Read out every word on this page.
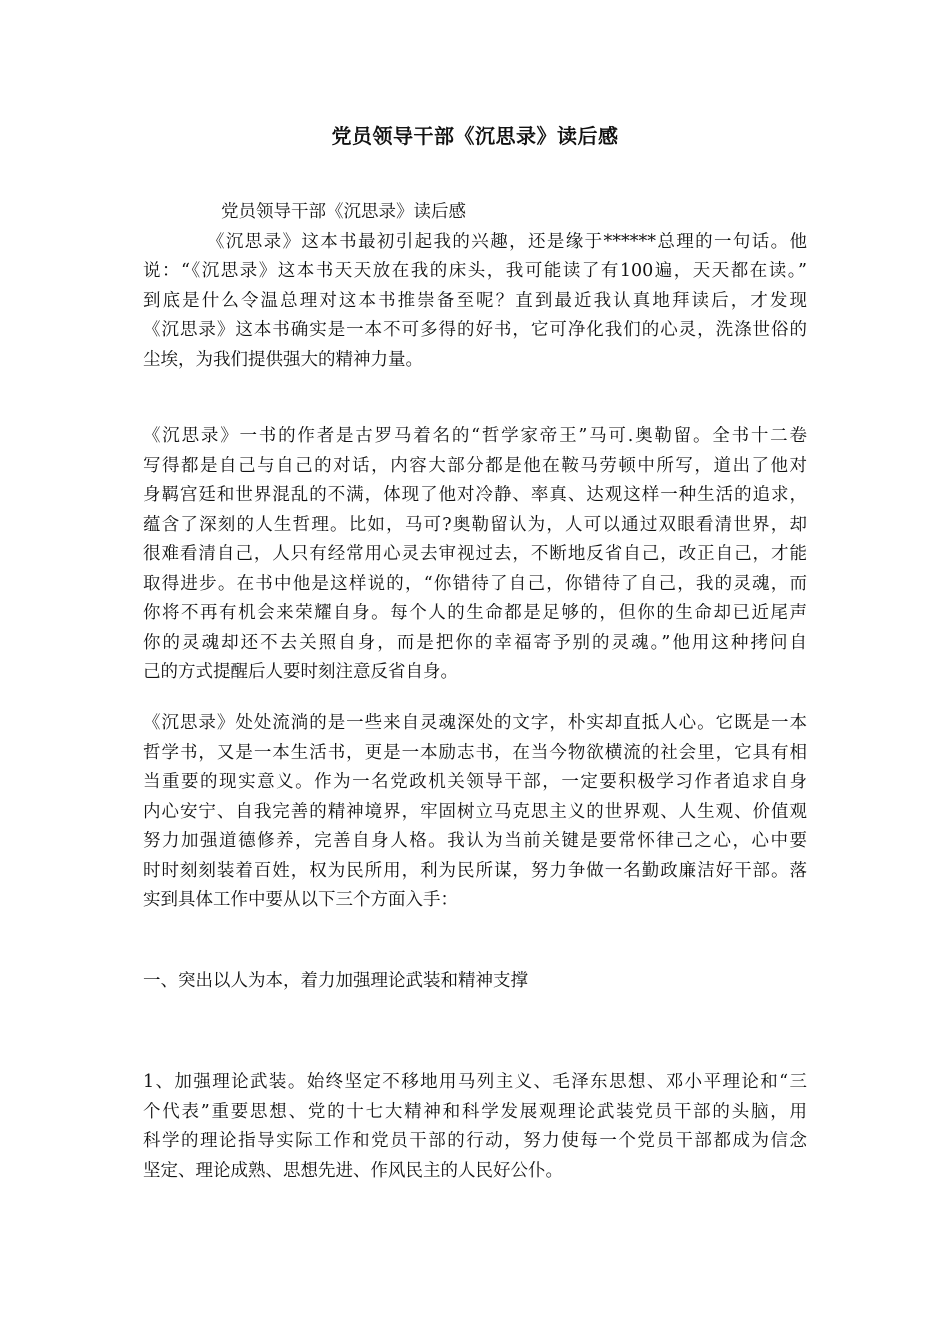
党员领导干部《沉思录》读后感
党员领导干部《沉思录》读后感
《沉思录》这本书最初引起我的兴趣，还是缘于******总理的一句话。他
说：“《沉思录》这本书天天放在我的床头，我可能读了有100遍，天天都在读。”
到底是什么令温总理对这本书推崇备至呢？直到最近我认真地拜读后，才发现
《沉思录》这本书确实是一本不可多得的好书，它可净化我们的心灵，洗涤世俗的
尘埃，为我们提供强大的精神力量。
《沉思录》一书的作者是古罗马着名的“哲学家帝王”马可.奥勒留。全书十二卷
写得都是自己与自己的对话，内容大部分都是他在鞍马劳顿中所写，道出了他对
身羁宫廷和世界混乱的不满，体现了他对冷静、率真、达观这样一种生活的追求，
蕴含了深刻的人生哲理。比如，马可?奥勒留认为，人可以通过双眼看清世界，却
很难看清自己，人只有经常用心灵去审视过去，不断地反省自己，改正自己，才能
取得进步。在书中他是这样说的，“你错待了自己，你错待了自己，我的灵魂，而
你将不再有机会来荣耀自身。每个人的生命都是足够的，但你的生命却已近尾声
你的灵魂却还不去关照自身，而是把你的幸福寄予别的灵魂。”他用这种拷问自
己的方式提醒后人要时刻注意反省自身。
《沉思录》处处流淌的是一些来自灵魂深处的文字，朴实却直抵人心。它既是一本
哲学书，又是一本生活书，更是一本励志书，在当今物欲横流的社会里，它具有相
当重要的现实意义。作为一名党政机关领导干部，一定要积极学习作者追求自身
内心安宁、自我完善的精神境界，牢固树立马克思主义的世界观、人生观、价值观
努力加强道德修养，完善自身人格。我认为当前关键是要常怀律己之心，心中要
时时刻刻装着百姓，权为民所用，利为民所谋，努力争做一名勤政廉洁好干部。落
实到具体工作中要从以下三个方面入手：
一、突出以人为本，着力加强理论武装和精神支撑
1、加强理论武装。始终坚定不移地用马列主义、毛泽东思想、邓小平理论和“三
个代表”重要思想、党的十七大精神和科学发展观理论武装党员干部的头脑，用
科学的理论指导实际工作和党员干部的行动，努力使每一个党员干部都成为信念
坚定、理论成熟、思想先进、作风民主的人民好公仆。
